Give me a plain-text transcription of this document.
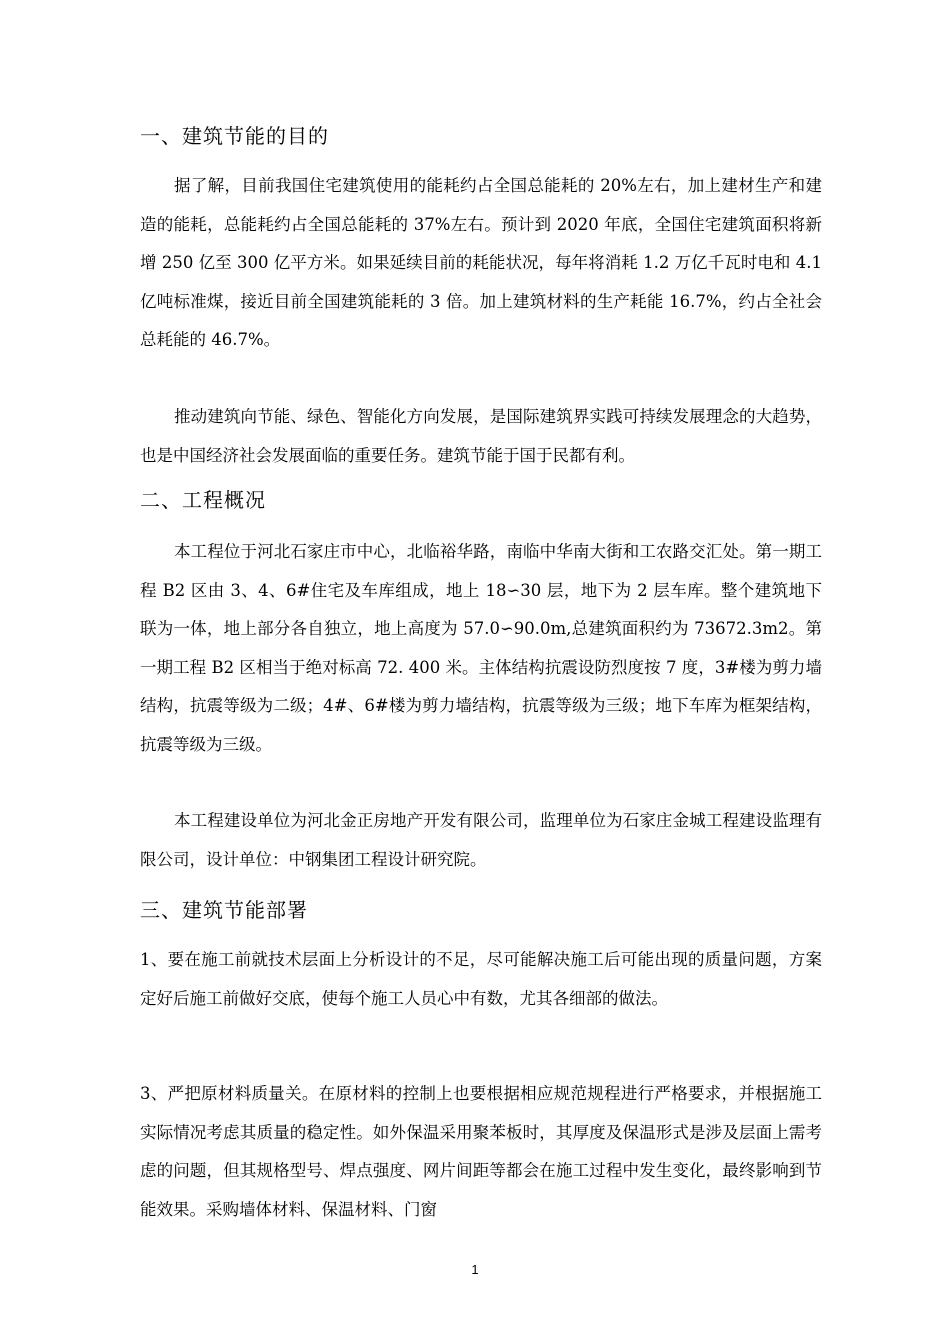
一、建筑节能的目的

据了解，目前我国住宅建筑使用的能耗约占全国总能耗的 20%左右，加上建材生产和建造的能耗，总能耗约占全国总能耗的 37%左右。预计到 2020 年底，全国住宅建筑面积将新增 250 亿至 300 亿平方米。如果延续目前的耗能状况，每年将消耗 1.2 万亿千瓦时电和 4.1 亿吨标准煤，接近目前全国建筑能耗的 3 倍。加上建筑材料的生产耗能 16.7%，约占全社会总耗能的 46.7%。

推动建筑向节能、绿色、智能化方向发展，是国际建筑界实践可持续发展理念的大趋势，也是中国经济社会发展面临的重要任务。建筑节能于国于民都有利。

二、工程概况

本工程位于河北石家庄市中心，北临裕华路，南临中华南大街和工农路交汇处。第一期工程 B2 区由 3、4、6#住宅及车库组成，地上 18∽30 层，地下为 2 层车库。整个建筑地下联为一体，地上部分各自独立，地上高度为 57.0∽90.0m,总建筑面积约为 73672.3m2。第一期工程 B2 区相当于绝对标高 72. 400 米。主体结构抗震设防烈度按 7 度，3#楼为剪力墙结构，抗震等级为二级；4#、6#楼为剪力墙结构，抗震等级为三级；地下车库为框架结构，抗震等级为三级。

本工程建设单位为河北金正房地产开发有限公司，监理单位为石家庄金城工程建设监理有限公司，设计单位：中钢集团工程设计研究院。

三、建筑节能部署

1、要在施工前就技术层面上分析设计的不足，尽可能解决施工后可能出现的质量问题，方案定好后施工前做好交底，使每个施工人员心中有数，尤其各细部的做法。

3、严把原材料质量关。在原材料的控制上也要根据相应规范规程进行严格要求，并根据施工实际情况考虑其质量的稳定性。如外保温采用聚苯板时，其厚度及保温形式是涉及层面上需考虑的问题，但其规格型号、焊点强度、网片间距等都会在施工过程中发生变化，最终影响到节能效果。采购墙体材料、保温材料、门窗

1
